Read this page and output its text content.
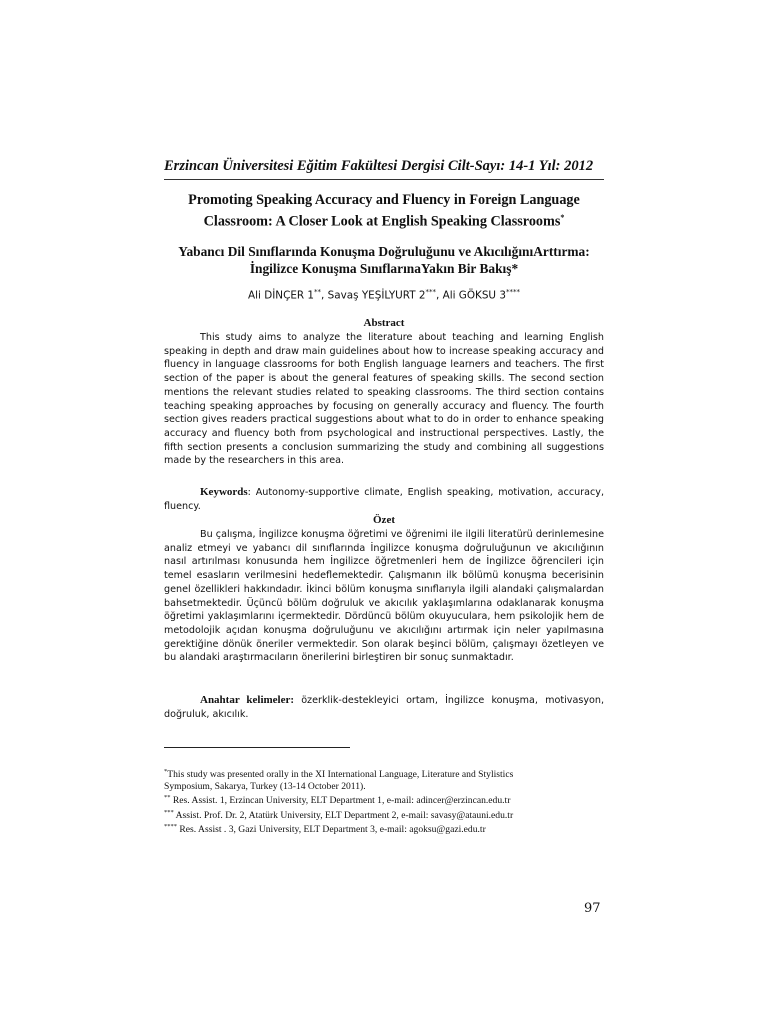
Erzincan Üniversitesi Eğitim Fakültesi Dergisi Cilt-Sayı: 14-1 Yıl: 2012
Promoting Speaking Accuracy and Fluency in Foreign Language
Classroom: A Closer Look at English Speaking Classrooms*
Yabancı Dil Sınıflarında Konuşma Doğruluğunu ve AkıcılığınıArttırma:
İngilizce Konuşma SınıflarınaYakın Bir Bakış*
Ali DİNÇER 1**, Savaş YEŞİLYURT 2***, Ali GÖKSU 3****
Abstract
This study aims to analyze the literature about teaching and learning English speaking in depth and draw main guidelines about how to increase speaking accuracy and fluency in language classrooms for both English language learners and teachers. The first section of the paper is about the general features of speaking skills. The second section mentions the relevant studies related to speaking classrooms. The third section contains teaching speaking approaches by focusing on generally accuracy and fluency. The fourth section gives readers practical suggestions about what to do in order to enhance speaking accuracy and fluency both from psychological and instructional perspectives. Lastly, the fifth section presents a conclusion summarizing the study and combining all suggestions made by the researchers in this area.
Keywords: Autonomy-supportive climate, English speaking, motivation, accuracy, fluency.
Özet
Bu çalışma, İngilizce konuşma öğretimi ve öğrenimi ile ilgili literatürü derinlemesine analiz etmeyi ve yabancı dil sınıflarında İngilizce konuşma doğruluğunun ve akıcılığının nasıl artırılması konusunda hem İngilizce öğretmenleri hem de İngilizce öğrencileri için temel esasların verilmesini hedeflemektedir. Çalışmanın ilk bölümü konuşma becerisinin genel özellikleri hakkındadır. İkinci bölüm konuşma sınıflarıyla ilgili alandaki çalışmalardan bahsetmektedir. Üçüncü bölüm doğruluk ve akıcılık yaklaşımlarına odaklanarak konuşma öğretimi yaklaşımlarını içermektedir. Dördüncü bölüm okuyuculara, hem psikolojik hem de metodolojik açıdan konuşma doğruluğunu ve akıcılığını artırmak için neler yapılmasına gerektiğine dönük öneriler vermektedir. Son olarak beşinci bölüm, çalışmayı özetleyen ve bu alandaki araştırmacıların önerilerini birleştiren bir sonuç sunmaktadır.
Anahtar kelimeler: özerklik-destekleyici ortam, İngilizce konuşma, motivasyon, doğruluk, akıcılık.
*This study was presented orally in the XI International Language, Literature and Stylistics
Symposium, Sakarya, Turkey (13-14 October 2011).
** Res. Assist. 1, Erzincan University, ELT Department 1, e-mail: adincer@erzincan.edu.tr
*** Assist. Prof. Dr. 2, Atatürk University, ELT Department 2, e-mail: savasy@atauni.edu.tr
**** Res. Assist . 3, Gazi University, ELT Department 3, e-mail: agoksu@gazi.edu.tr
97
